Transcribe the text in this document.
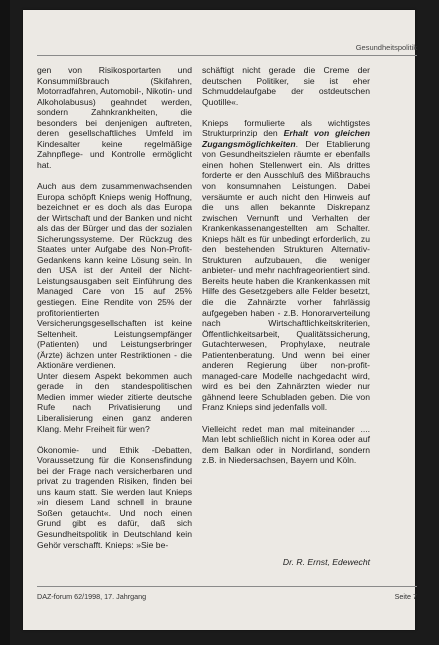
Gesundheitspolitik

gen von Risikosportarten und Konsummißbrauch (Skifahren, Motorradfahren, Automobil-, Nikotin- und Alkoholabusus) geahndet werden, sondern Zahnkrankheiten, die besonders bei denjenigen auftreten, deren gesellschaftliches Umfeld im Kindesalter keine regelmäßige Zahnpflege- und Kontrolle ermöglicht hat.

Auch aus dem zusammenwachsenden Europa schöpft Knieps wenig Hoffnung, bezeichnet er es doch als das Europa der Wirtschaft und der Banken und nicht als das der Bürger und das der sozialen Sicherungssysteme. Der Rückzug des Staates unter Aufgabe des Non-Profit-Gedankens kann keine Lösung sein. In den USA ist der Anteil der Nicht-Leistungsausgaben seit Einführung des Managed Care von 15 auf 25% gestiegen. Eine Rendite von 25% der profitorientierten Versicherungsgesellschaften ist keine Seltenheit. Leistungsempfänger (Patienten) und Leistungserbringer (Ärzte) ächzen unter Restriktionen - die Aktionäre verdienen.

Unter diesem Aspekt bekommen auch gerade in den standespolitischen Medien immer wieder zitierte deutsche Rufe nach Privatisierung und Liberalisierung einen ganz anderen Klang. Mehr Freiheit für wen?

Ökonomie- und Ethik -Debatten, Voraussetzung für die Konsensfindung bei der Frage nach versicherbaren und privat zu tragenden Risiken, finden bei uns kaum statt. Sie werden laut Knieps »in diesem Land schnell in braune Soßen getaucht«. Und noch einen Grund gibt es dafür, daß sich Gesundheitspolitik in Deutschland kein Gehör verschafft. Knieps: »Sie be-

schäftigt nicht gerade die Creme der deutschen Politiker, sie ist eher Schmuddelaufgabe der ostdeutschen Quotille«.

Knieps formulierte als wichtigstes Strukturprinzip den Erhalt von gleichen Zugangsmöglichkeiten. Der Etablierung von Gesundheitszielen räumte er ebenfalls einen hohen Stellenwert ein. Als drittes forderte er den Ausschluß des Mißbrauchs von konsumnahen Leistungen. Dabei versäumte er auch nicht den Hinweis auf die uns allen bekannte Diskrepanz zwischen Vernunft und Verhalten der Krankenkassenangestellten am Schalter. Knieps hält es für unbedingt erforderlich, zu den bestehenden Strukturen Alternativ-Strukturen aufzubauen, die weniger anbieter- und mehr nachfrageorientiert sind. Bereits heute haben die Krankenkassen mit Hilfe des Gesetzgebers alle Felder besetzt, die die Zahnärzte vorher fahrlässig aufgegeben haben - z.B. Honorarverteilung nach Wirtschaftlichkeitskriterien, Öffentlichkeitsarbeit, Qualitätssicherung, Gutachterwesen, Prophylaxe, neutrale Patientenberatung. Und wenn bei einer anderen Regierung über non-profit-managed-care Modelle nachgedacht wird, wird es bei den Zahnärzten wieder nur gähnend leere Schubladen geben. Die von Franz Knieps sind jedenfalls voll.

Vielleicht redet man mal miteinander .... Man lebt schließlich nicht in Korea oder auf dem Balkan oder in Nordirland, sondern z.B. in Niedersachsen, Bayern und Köln.

Dr. R. Ernst, Edewecht
DAZ-forum 62/1998, 17. Jahrgang	Seite 7
